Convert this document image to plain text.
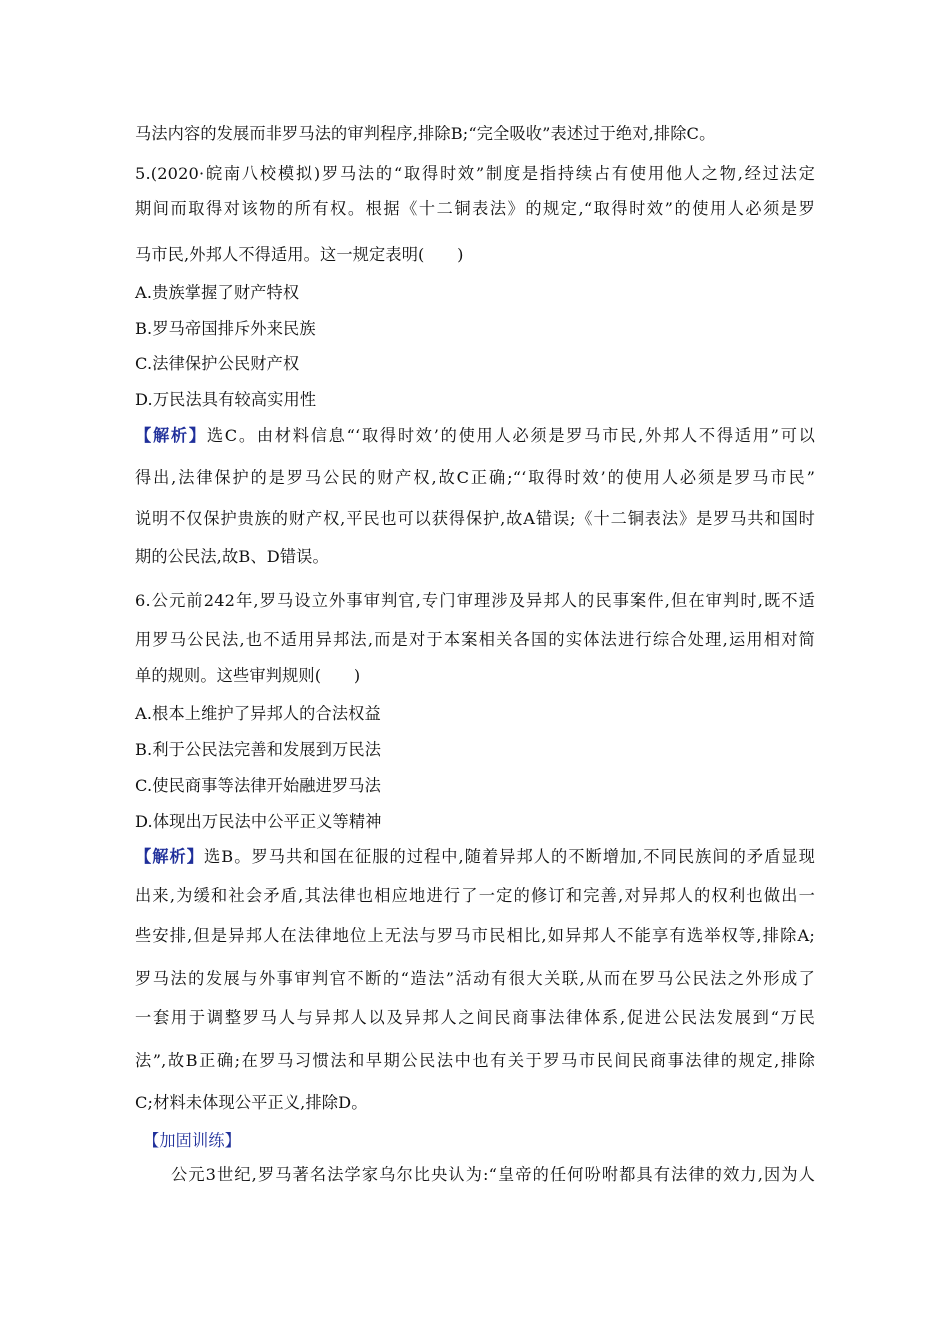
马法内容的发展而非罗马法的审判程序,排除B;“完全吸收”表述过于绝对,排除C。
5.(2020·皖南八校模拟)罗马法的“取得时效”制度是指持续占有使用他人之物,经过法定
期间而取得对该物的所有权。根据《十二铜表法》的规定,“取得时效”的使用人必须是罗
马市民,外邦人不得适用。这一规定表明(　　)
A.贵族掌握了财产特权
B.罗马帝国排斥外来民族
C.法律保护公民财产权
D.万民法具有较高实用性
【解析】选C。由材料信息“‘取得时效’的使用人必须是罗马市民,外邦人不得适用”可以
得出,法律保护的是罗马公民的财产权,故C正确;“‘取得时效’的使用人必须是罗马市民”
说明不仅保护贵族的财产权,平民也可以获得保护,故A错误;《十二铜表法》是罗马共和国时
期的公民法,故B、D错误。
6.公元前242年,罗马设立外事审判官,专门审理涉及异邦人的民事案件,但在审判时,既不适
用罗马公民法,也不适用异邦法,而是对于本案相关各国的实体法进行综合处理,运用相对简
单的规则。这些审判规则(　　)
A.根本上维护了异邦人的合法权益
B.利于公民法完善和发展到万民法
C.使民商事等法律开始融进罗马法
D.体现出万民法中公平正义等精神
【解析】选B。罗马共和国在征服的过程中,随着异邦人的不断增加,不同民族间的矛盾显现
出来,为缓和社会矛盾,其法律也相应地进行了一定的修订和完善,对异邦人的权利也做出一
些安排,但是异邦人在法律地位上无法与罗马市民相比,如异邦人不能享有选举权等,排除A;
罗马法的发展与外事审判官不断的“造法”活动有很大关联,从而在罗马公民法之外形成了
一套用于调整罗马人与异邦人以及异邦人之间民商事法律体系,促进公民法发展到“万民
法”,故B正确;在罗马习惯法和早期公民法中也有关于罗马市民间民商事法律的规定,排除
C;材料未体现公平正义,排除D。
【加固训练】
公元3世纪,罗马著名法学家乌尔比央认为:“皇帝的任何吩咐都具有法律的效力,因为人
